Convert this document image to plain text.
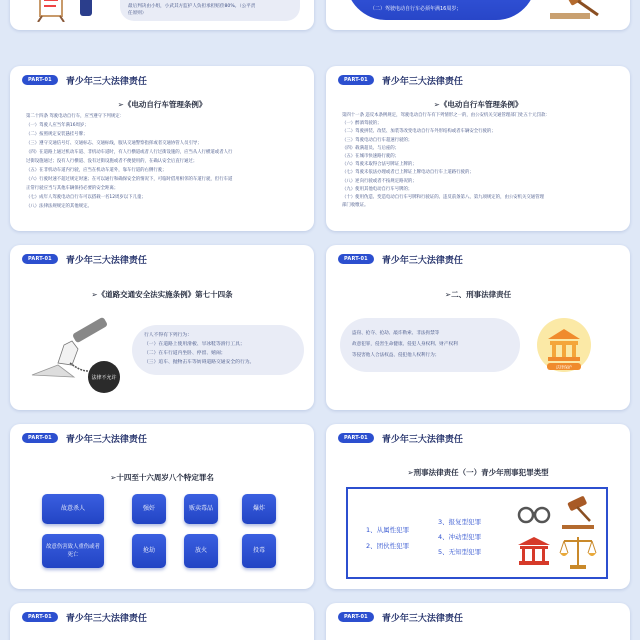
最后判决由小组，小武其方监护人负担承担赔偿80%。（公平责
任原则）
（二）驾驶电动自行车必须年满16周岁；
PART-01	青少年三大法律责任
➢《电动自行车管理条例》
第二十四条 驾驶电动自行车，应当遵守下列规定：
（一）驾驶人应当年满16周岁；
（二）按照规定安装悬挂号牌；
（三）遵守交通信号灯、交通标志、交通标线，服从交通警察指挥或者交通协管人员引导；
（四）在道路上通过机动车道、非机动车道时，有人行横道或者人行过街设施的，应当从人行横道或者人行
过街设施通过；没有人行横道、没有过街设施或者不便使用的，在确认安全后直行通过；
（五）在非机动车道内行驶，应当在机动车道外，靠车行道的右侧行驶；
（六）行驶时速不超过规定时速；在可以通行和确保安全的情况下，可临时借用相邻的车道行驶，但行车道
正常行驶应当与其他车辆保持必要的安全距离；
（七）成年人驾驶电动自行车可以搭载一名12周岁以下儿童；
（八）法律法规规定的其他规定。
PART-01	青少年三大法律责任
➢《电动自行车管理条例》
第四十一条 违反本条例规定，驾驶电动自行车有下列情形之一的，由公安机关交通管理部门处五十元罚款：
（一）醉酒驾驶的；
（二）驾驶拼装、改装、加装等改变电动自行车外形结构或者车辆安全行驶的；
（三）驾驶电动自行车超速行驶的；
（四）载满超员、与后座的；
（五）在城市快速路行驶的；
（六）驾驶未取得合法号牌证上牌的；
（七）驾驶未依法办理或者已上牌证上牌电动自行车上道路行驶的；
（八）逆向行驶或者不按规定路况的；
（九）使用其他电动自行车号牌的；
（十）使用伪造、变造电动自行车号牌和行驶证的。违反前条第八、第九项规定的，由公安机关交通管理
部门收缴证。
PART-01	青少年三大法律责任
➢《道路交通安全法实施条例》第七十四条
法律不允许
行人不得有下列行为：
（一）在道路上使用滑板、旱冰鞋等滑行工具；
（二）在车行道内坐卧、停留、嬉闹；
（三）追车、抛物击车等妨碍道路交通安全的行为。
PART-01	青少年三大法律责任
➢二、刑事法律责任
盗窃、抢夺、抢劫、敲诈勒索、非法拘禁等
故意犯罪，侵害生命健康、侵犯人身权利、财产权利
等侵害他人合法权益、侵犯他人权利行为；
法律保护
PART-01	青少年三大法律责任
➢十四至十六周岁八个特定罪名
故意杀人	强奸	贩卖毒品	爆炸
故意伤害致人重伤或者死亡
抢劫	放火	投毒
PART-01	青少年三大法律责任
➢刑事法律责任（一）青少年刑事犯罪类型
1、从属性犯罪
2、团伙性犯罪
3、报复型犯罪
4、冲动型犯罪
5、无知型犯罪
PART-01	青少年三大法律责任	PART-01	青少年三大法律责任
